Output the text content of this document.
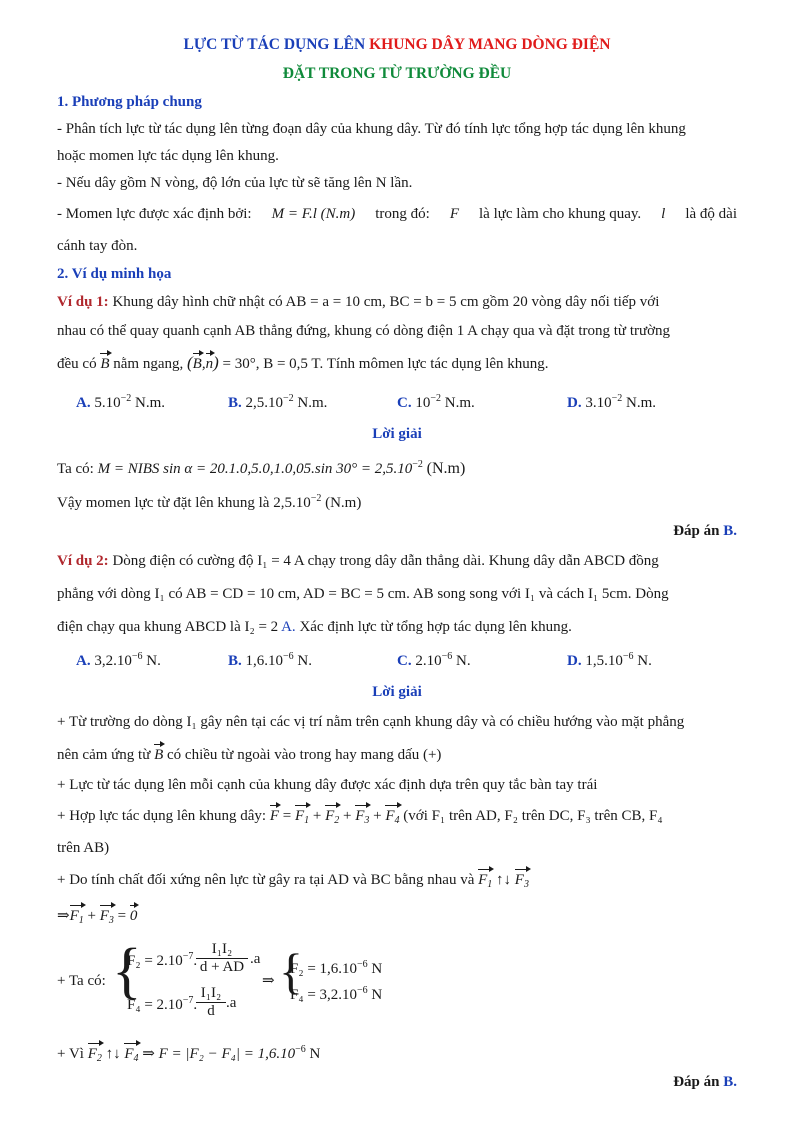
LỰC TỪ TÁC DỤNG LÊN KHUNG DÂY MANG DÒNG ĐIỆN
ĐẶT TRONG TỪ TRƯỜNG ĐỀU
1. Phương pháp chung
- Phân tích lực từ tác dụng lên từng đoạn dây của khung dây. Từ đó tính lực tổng hợp tác dụng lên khung
hoặc momen lực tác dụng lên khung.
- Nếu dây gồm N vòng, độ lớn của lực từ sẽ tăng lên N lần.
- Momen lực được xác định bởi: M = F.l (N.m) trong đó: F là lực làm cho khung quay. l là độ dài
cánh tay đòn.
2. Ví dụ minh họa
Ví dụ 1: Khung dây hình chữ nhật có AB = a = 10 cm, BC = b = 5 cm gồm 20 vòng dây nối tiếp với
nhau có thể quay quanh cạnh AB thẳng đứng, khung có dòng điện 1 A chạy qua và đặt trong từ trường
đều có B nằm ngang, (B,n) = 30°, B = 0,5 T. Tính mômen lực tác dụng lên khung.
A. $5.10^{-2}$ N.m.	B. $2,5.10^{-2}$ N.m.	C. $10^{-2}$ N.m.	D. $3.10^{-2}$ N.m.
Lời giải
Ta có: M = NIBS sin α = 20.1.0,5.0,1.0,05.sin $30^\circ = 2,5.10^{-2}$ (N.m)
Vậy momen lực từ đặt lên khung là $2,5.10^{-2}$ (N.m)
Đáp án B.
Ví dụ 2: Dòng điện có cường độ I₁ = 4 A chạy trong dây dẫn thẳng dài. Khung dây dẫn ABCD đồng
phẳng với dòng I₁ có AB = CD = 10 cm, AD = BC = 5 cm. AB song song với I₁ và cách I₁ 5cm. Dòng
điện chạy qua khung ABCD là I₂ = 2 A. Xác định lực từ tổng hợp tác dụng lên khung.
A. $3,2.10^{-6}$ N.	B. $1,6.10^{-6}$ N.	C. $2.10^{-6}$ N.	D. $1,5.10^{-6}$ N.
Lời giải
+ Từ trường do dòng I₁ gây nên tại các vị trí nằm trên cạnh khung dây và có chiều hướng vào mặt phẳng
nên cảm ứng từ B có chiều từ ngoài vào trong hay mang dấu (+)
+ Lực từ tác dụng lên mỗi cạnh của khung dây được xác định dựa trên quy tắc bàn tay trái
+ Hợp lực tác dụng lên khung dây: $F = F_1 + F_2 + F_3 + F_4$ (với F₁ trên AD, F₂ trên DC, F₃ trên CB, F₄
trên AB)
+ Do tính chất đối xứng nên lực từ gây ra tại AD và BC bằng nhau và $F_1$ ↑↓ $F_3$
$\Rightarrow F_1 + F_3 = 0$
+ Ta có: {
$F_2 = 2.10^{-7}$.
$\frac{\text{I₁I₂}}{d + AD} .a$
$F_4 = 2.10^{-7}$.
$\frac{\text{I₁I₂}}{d} .a$
⇒ {
$F_2 = 1,6.10^{-6}$ N
$F_4 = 3,2.10^{-6}$ N
+ Vì $F_2$ ↑↓ $F_4$ ⇒ $F = |F_2 - F_4| = 1,6.10^{-6}$ N
Đáp án B.
